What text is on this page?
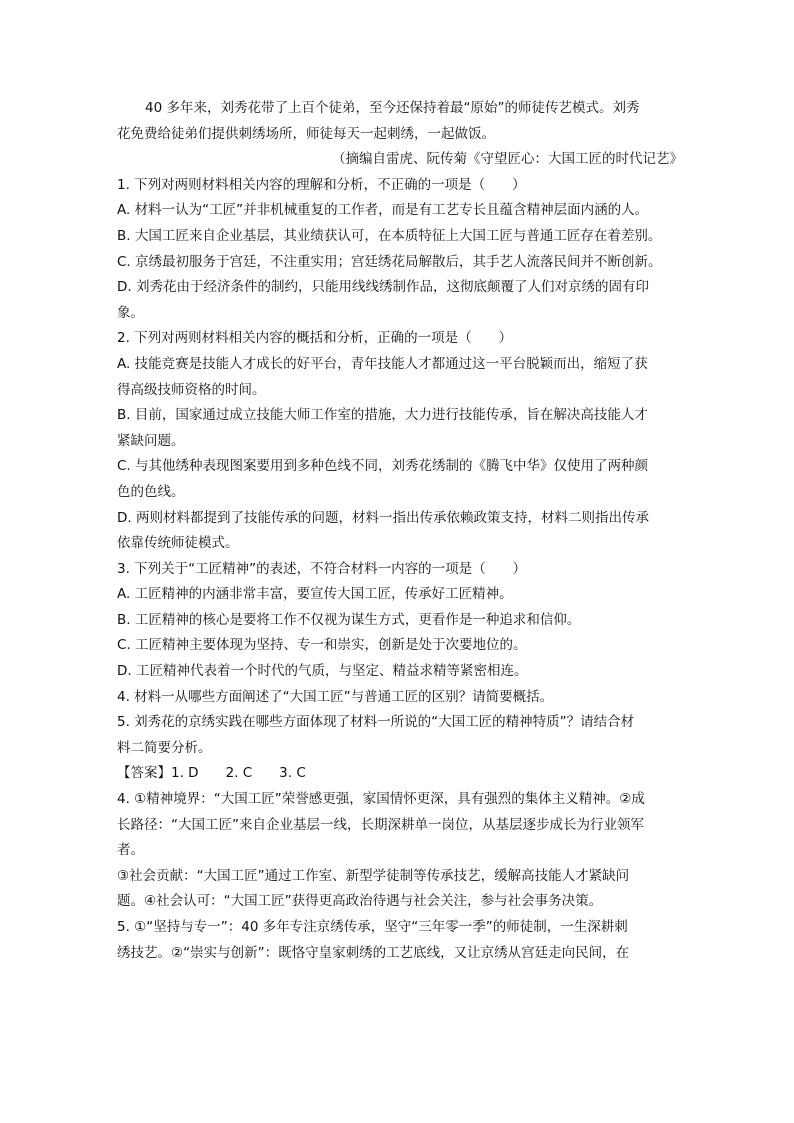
40 多年来，刘秀花带了上百个徒弟，至今还保持着最“原始”的师徒传艺模式。刘秀
花免费给徒弟们提供刺绣场所，师徒每天一起刺绣，一起做饭。
（摘编自雷虎、阮传菊《守望匠心：大国工匠的时代记艺》
1. 下列对两则材料相关内容的理解和分析，不正确的一项是（　　）
A. 材料一认为“工匠”并非机械重复的工作者，而是有工艺专长且蕴含精神层面内涵的人。
B. 大国工匠来自企业基层，其业绩获认可，在本质特征上大国工匠与普通工匠存在着差别。
C. 京绣最初服务于宫廷，不注重实用；宫廷绣花局解散后，其手艺人流落民间并不断创新。
D. 刘秀花由于经济条件的制约，只能用线线绣制作品，这彻底颠覆了人们对京绣的固有印
象。
2. 下列对两则材料相关内容的概括和分析，正确的一项是（　　）
A. 技能竞赛是技能人才成长的好平台，青年技能人才都通过这一平台脱颖而出，缩短了获
得高级技师资格的时间。
B. 目前，国家通过成立技能大师工作室的措施，大力进行技能传承，旨在解决高技能人才
紧缺问题。
C. 与其他绣种表现图案要用到多种色线不同，刘秀花绣制的《腾飞中华》仅使用了两种颜
色的色线。
D. 两则材料都提到了技能传承的问题，材料一指出传承依赖政策支持，材料二则指出传承
依靠传统师徒模式。
3. 下列关于“工匠精神”的表述，不符合材料一内容的一项是（　　）
A. 工匠精神的内涵非常丰富，要宣传大国工匠，传承好工匠精神。
B. 工匠精神的核心是要将工作不仅视为谋生方式，更看作是一种追求和信仰。
C. 工匠精神主要体现为坚持、专一和崇实，创新是处于次要地位的。
D. 工匠精神代表着一个时代的气质，与坚定、精益求精等紧密相连。
4. 材料一从哪些方面阐述了“大国工匠”与普通工匠的区别？请简要概括。
5. 刘秀花的京绣实践在哪些方面体现了材料一所说的“大国工匠的精神特质”？请结合材
料二简要分析。
【答案】1. D　　2. C　　3. C
4. ①精神境界：“大国工匠”荣誉感更强，家国情怀更深，具有强烈的集体主义精神。②成
长路径：“大国工匠”来自企业基层一线，长期深耕单一岗位，从基层逐步成长为行业领军
者。
③社会贡献：“大国工匠”通过工作室、新型学徒制等传承技艺，缓解高技能人才紧缺问
题。④社会认可：“大国工匠”获得更高政治待遇与社会关注，参与社会事务决策。
5. ①“坚持与专一”：40 多年专注京绣传承，坚守“三年零一季”的师徒制，一生深耕刺
绣技艺。②“崇实与创新”：既恪守皇家刺绣的工艺底线，又让京绣从宫廷走向民间，在
